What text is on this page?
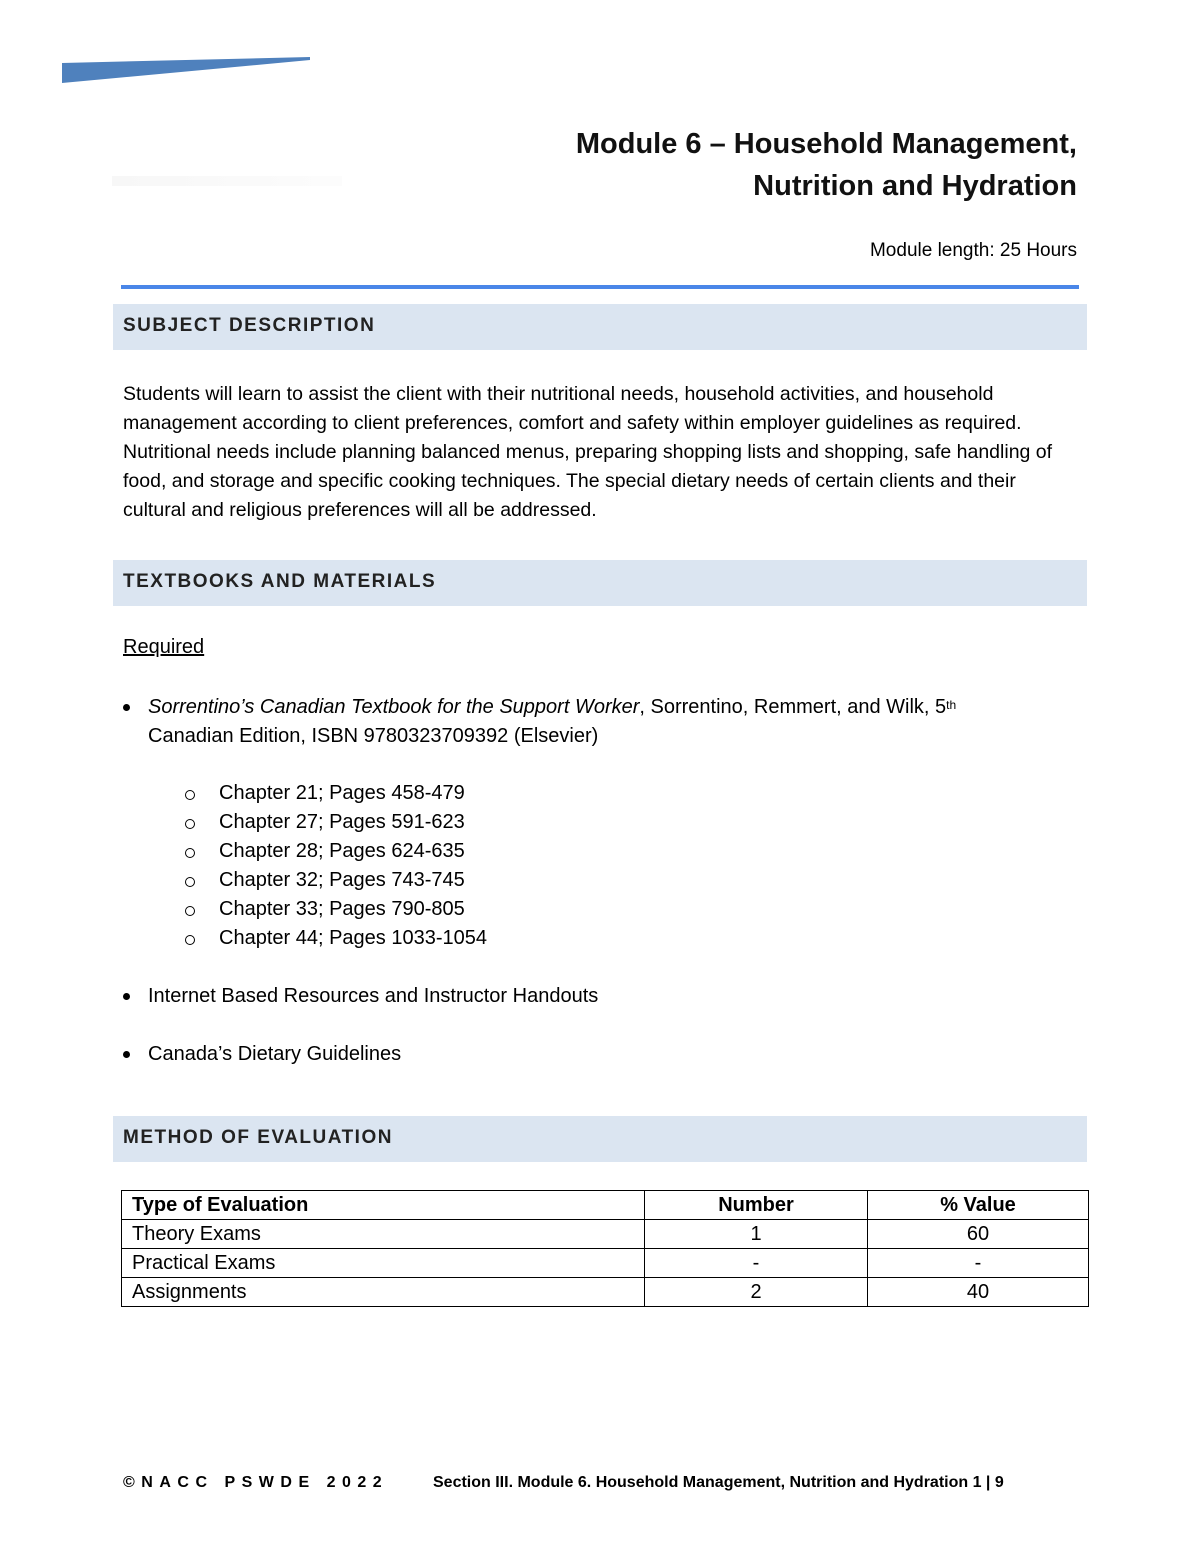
Module 6 – Household Management,
Nutrition and Hydration
Module length: 25 Hours
SUBJECT DESCRIPTION

Students will learn to assist the client with their nutritional needs, household activities, and household management according to client preferences, comfort and safety within employer guidelines as required. Nutritional needs include planning balanced menus, preparing shopping lists and shopping, safe handling of food, and storage and specific cooking techniques. The special dietary needs of certain clients and their cultural and religious preferences will all be addressed.

TEXTBOOKS AND MATERIALS
Required
Sorrentino’s Canadian Textbook for the Support Worker, Sorrentino, Remmert, and Wilk, 5th
Canadian Edition, ISBN 9780323709392 (Elsevier)
Chapter 21; Pages 458-479
Chapter 27; Pages 591-623
Chapter 28; Pages 624-635
Chapter 32; Pages 743-745
Chapter 33; Pages 790-805
Chapter 44; Pages 1033-1054
Internet Based Resources and Instructor Handouts
Canada’s Dietary Guidelines
METHOD OF EVALUATION
Type of Evaluation	Number	% Value
Theory Exams	1	60
Practical Exams	-	-
Assignments	2	40
©NACC PSWDE 2022	Section III. Module 6. Household Management, Nutrition and Hydration 1 | 9
